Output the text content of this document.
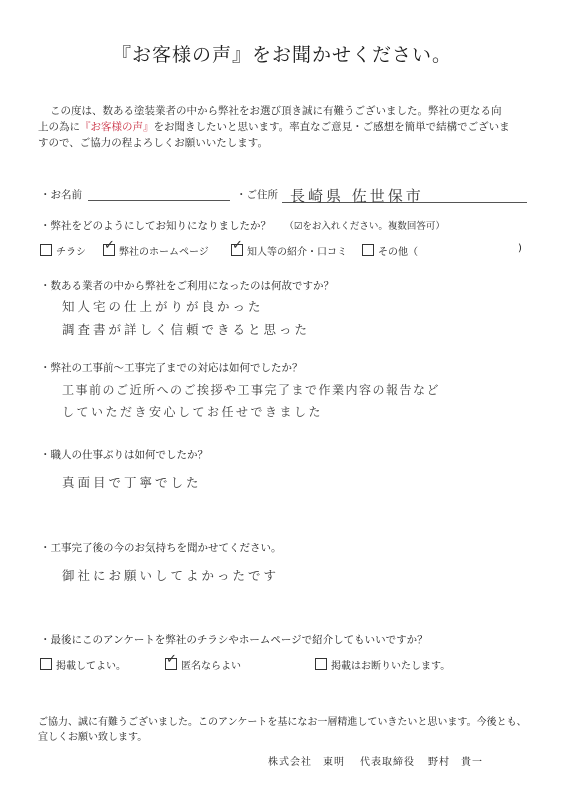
『お客様の声』をお聞かせください。
この度は、数ある塗装業者の中から弊社をお選び頂き誠に有難うございました。弊社の更なる向
上の為に『お客様の声』をお聞きしたいと思います。率直なご意見・ご感想を簡単で結構でございま
すので、ご協力の程よろしくお願いいたします。
・お名前	・ご住所 長崎県 佐世保市
・弊社をどのようにしてお知りになりましたか？ （☑をお入れください。複数回答可）
チラシ ✓ 弊社のホームページ ✓ 知人等の紹介・口コミ	その他（	)
・数ある業者の中から弊社をご利用になったのは何故ですか？
知人宅の仕上がりが良かった
調査書が詳しく信頼できると思った
・弊社の工事前～工事完了までの対応は如何でしたか？
工事前のご近所へのご挨拶や工事完了まで作業内容の報告など
していただき安心してお任せできました
・職人の仕事ぶりは如何でしたか？
真面目で丁寧でした
・工事完了後の今のお気持ちを聞かせてください。
御社にお願いしてよかったです
・最後にこのアンケートを弊社のチラシやホームページで紹介してもいいですか？
掲載してよい。	✓ 匿名ならよい	掲載はお断りいたします。
ご協力、誠に有難うございました。このアンケートを基になお一層精進していきたいと思います。今後とも、
宜しくお願い致します。
株式会社　東明 代表取締役 野村　貴一
